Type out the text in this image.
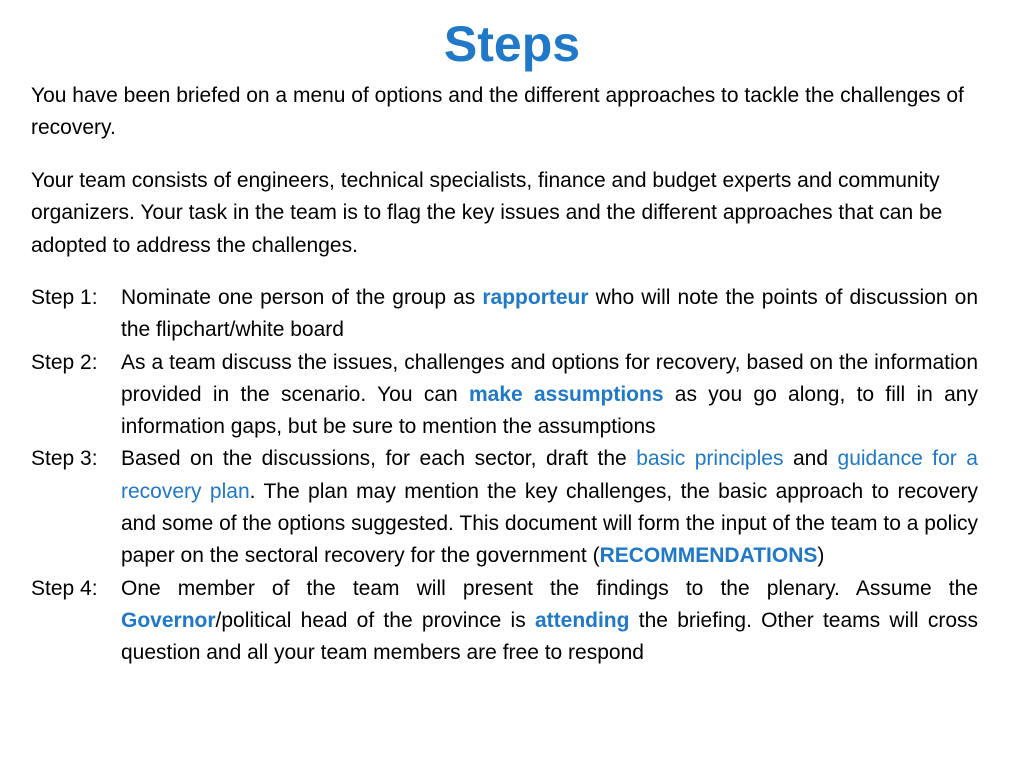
Steps

You have been briefed on a menu of options and the different approaches to tackle the challenges of recovery.

Your team consists of engineers, technical specialists, finance and budget experts and community organizers. Your task in the team is to flag the key issues and the different approaches that can be adopted to address the challenges.

Step 1:	Nominate one person of the group as rapporteur who will note the points of discussion on the flipchart/white board
Step 2:	As a team discuss the issues, challenges and options for recovery, based on the information provided in the scenario. You can make assumptions as you go along, to fill in any information gaps, but be sure to mention the assumptions
Step 3:	Based on the discussions, for each sector, draft the basic principles and guidance for a recovery plan. The plan may mention the key challenges, the basic approach to recovery and some of the options suggested. This document will form the input of the team to a policy paper on the sectoral recovery for the government (RECOMMENDATIONS)
Step 4:	One member of the team will present the findings to the plenary. Assume the Governor/political head of the province is attending the briefing. Other teams will cross question and all your team members are free to respond
